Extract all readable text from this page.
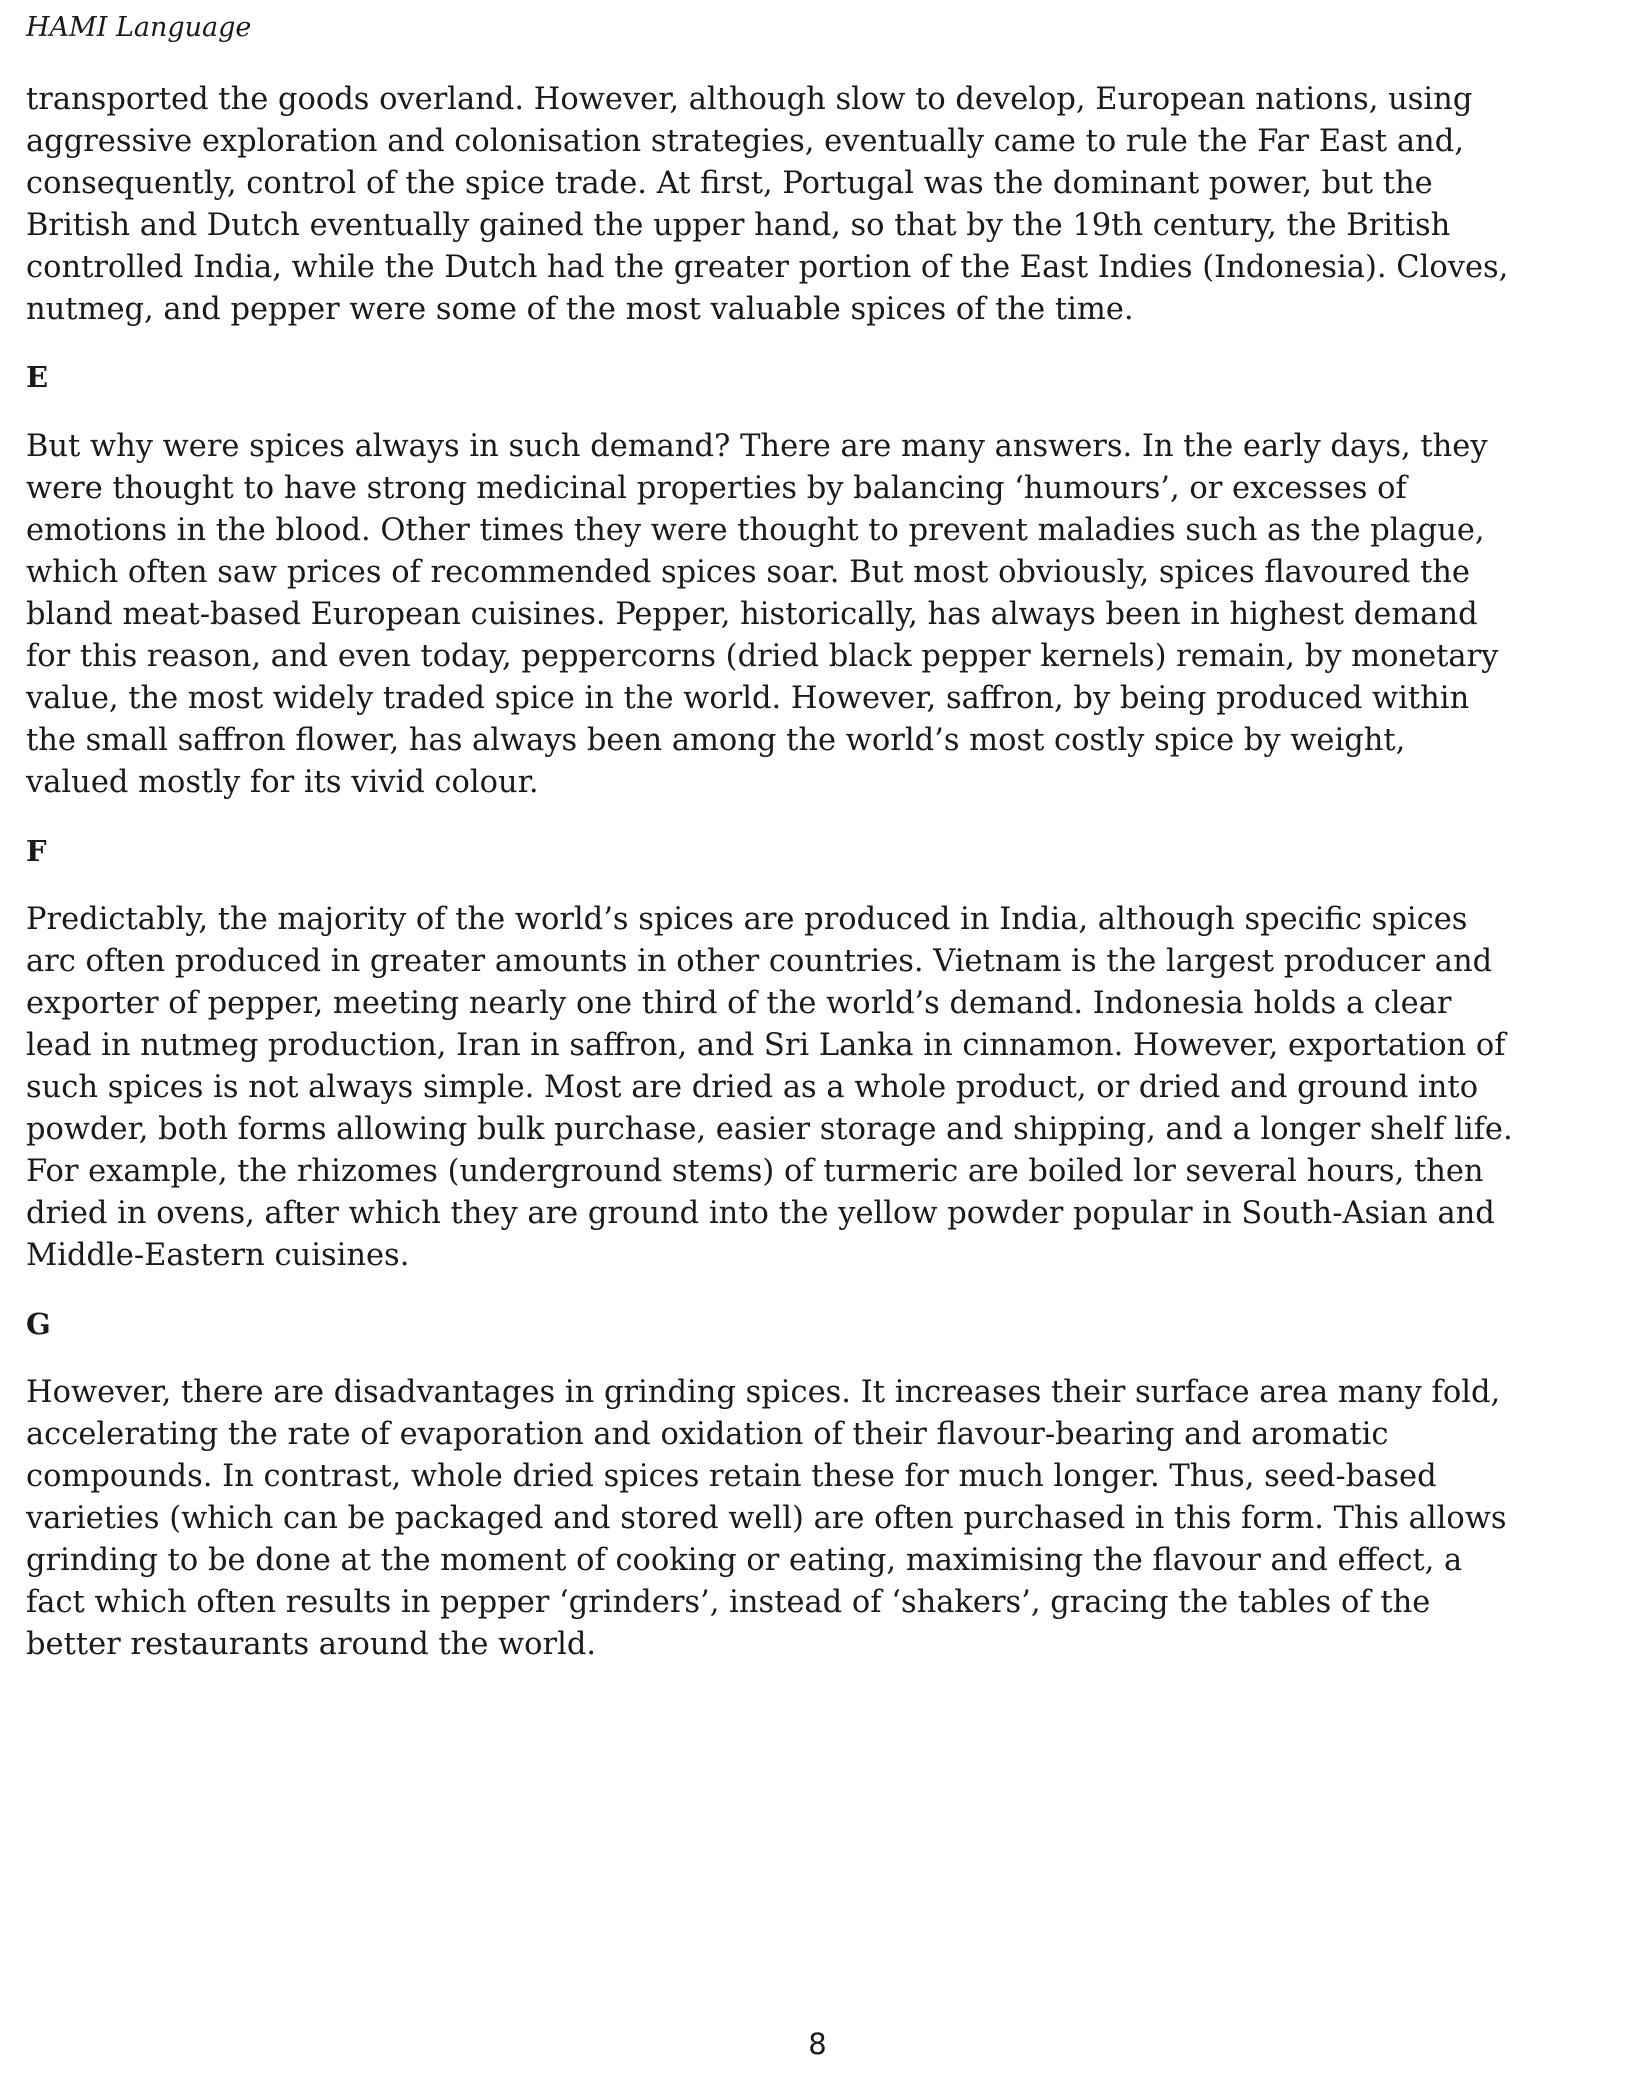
HAMI Language

transported the goods overland. However, although slow to develop, European nations, using
aggressive exploration and colonisation strategies, eventually came to rule the Far East and,
consequently, control of the spice trade. At first, Portugal was the dominant power, but the
British and Dutch eventually gained the upper hand, so that by the 19th century, the British
controlled India, while the Dutch had the greater portion of the East Indies (Indonesia). Cloves,
nutmeg, and pepper were some of the most valuable spices of the time.

E

But why were spices always in such demand? There are many answers. In the early days, they
were thought to have strong medicinal properties by balancing ‘humours’, or excesses of
emotions in the blood. Other times they were thought to prevent maladies such as the plague,
which often saw prices of recommended spices soar. But most obviously, spices flavoured the
bland meat-based European cuisines. Pepper, historically, has always been in highest demand
for this reason, and even today, peppercorns (dried black pepper kernels) remain, by monetary
value, the most widely traded spice in the world. However, saffron, by being produced within
the small saffron flower, has always been among the world’s most costly spice by weight,
valued mostly for its vivid colour.

F

Predictably, the majority of the world’s spices are produced in India, although specific spices
arc often produced in greater amounts in other countries. Vietnam is the largest producer and
exporter of pepper, meeting nearly one third of the world’s demand. Indonesia holds a clear
lead in nutmeg production, Iran in saffron, and Sri Lanka in cinnamon. However, exportation of
such spices is not always simple. Most are dried as a whole product, or dried and ground into
powder, both forms allowing bulk purchase, easier storage and shipping, and a longer shelf life.
For example, the rhizomes (underground stems) of turmeric are boiled lor several hours, then
dried in ovens, after which they are ground into the yellow powder popular in South-Asian and
Middle-Eastern cuisines.

G

However, there are disadvantages in grinding spices. It increases their surface area many fold,
accelerating the rate of evaporation and oxidation of their flavour-bearing and aromatic
compounds. In contrast, whole dried spices retain these for much longer. Thus, seed-based
varieties (which can be packaged and stored well) are often purchased in this form. This allows
grinding to be done at the moment of cooking or eating, maximising the flavour and effect, a
fact which often results in pepper ‘grinders’, instead of ‘shakers’, gracing the tables of the
better restaurants around the world.

8
